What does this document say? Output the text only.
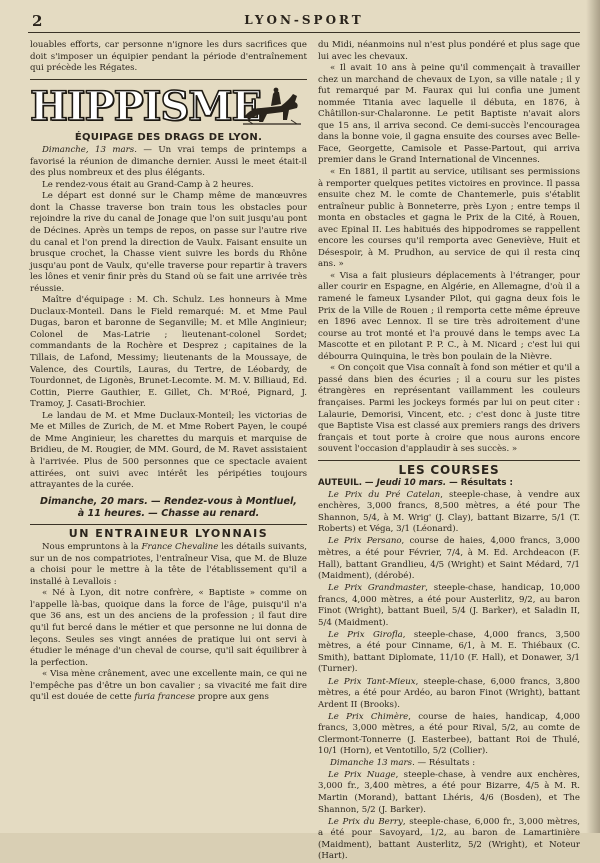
2	LYON-SPORT

louables efforts, car personne n'ignore les durs sacrifices que doit s'imposer un équipier pendant la période d'entraînement qui précède les Régates.

HIPPISME
ÉQUIPAGE DES DRAGS DE LYON.

Dimanche, 13 mars. — Un vrai temps de printemps a favorisé la réunion de dimanche dernier. Aussi le meet était-il des plus nombreux et des plus élégants.

Le rendez-vous était au Grand-Camp à 2 heures.

Le départ est donné sur le Champ même de manœuvres dont la Chasse traverse bon train tous les obstacles pour rejoindre la rive du canal de Jonage que l'on suit jusqu'au pont de Décines. Après un temps de repos, on passe sur l'autre rive du canal et l'on prend la direction de Vaulx. Faisant ensuite un brusque crochet, la Chasse vient suivre les bords du Rhône jusqu'au pont de Vaulx, qu'elle traverse pour repartir à travers les lônes et venir finir près du Stand où se fait une arrivée très réussie.

Maître d'équipage : M. Ch. Schulz. Les honneurs à Mme Duclaux-Monteil. Dans le Field remarqué: M. et Mme Paul Dugas, baron et baronne de Seganville; M. et Mlle Anginieur; Colonel de Mas-Latrie ; lieutenant-colonel Sordet; commandants de la Rochère et Desprez ; capitaines de la Tillais, de Lafond, Messimy; lieutenants de la Moussaye, de Valence, des Courtils, Lauras, du Tertre, de Léobardy, de Tourdonnet, de Ligonès, Brunet-Lecomte. M. M. V. Billiaud, Ed. Cottin, Pierre Gauthier, E. Gillet, Ch. M'Roé, Pignard, J. Tramoy, J. Casati-Brochier.

Le landau de M. et Mme Duclaux-Monteil; les victorias de Me et Milles de Zurich, de M. et Mme Robert Payen, le coupé de Mme Anginieur, les charettes du marquis et marquise de Bridieu, de M. Rougier, de MM. Gourd, de M. Ravet assistaient à l'arrivée. Plus de 500 personnes que ce spectacle avaient attirées, ont suivi avec intérêt les péripéties toujours attrayantes de la curée.

Dimanche, 20 mars. — Rendez-vous à Montluel,
à 11 heures. — Chasse au renard.
UN ENTRAINEUR LYONNAIS

Nous empruntons à la France Chevaline les détails suivants, sur un de nos compatriotes, l'entraîneur Visa, que M. de Bluze a choisi pour le mettre à la tête de l'établissement qu'il a installé à Levallois :

« Né à Lyon, dit notre confrère, « Baptiste » comme on l'appelle là-bas, quoique dans la force de l'âge, puisqu'il n'a que 36 ans, est un des anciens de la profession ; il faut dire qu'il fut bercé dans le métier et que personne ne lui donna de leçons. Seules ses vingt années de pratique lui ont servi à étudier le ménage d'un cheval de course, qu'il sait équilibrer à la perfection.

« Visa mène crânement, avec une excellente main, ce qui ne l'empêche pas d'être un bon cavalier ; sa vivacité me fait dire qu'il est douée de cette furia francese propre aux gens

du Midi, néanmoins nul n'est plus pondéré et plus sage que lui avec les chevaux.

« Il avait 10 ans à peine qu'il commençait à travailler chez un marchand de chevaux de Lyon, sa ville natale ; il y fut remarqué par M. Faurax qui lui confia une jument nommée Titania avec laquelle il débuta, en 1876, à Châtillon-sur-Chalaronne. Le petit Baptiste n'avait alors que 15 ans, il arriva second. Ce demi-succès l'encouragea dans la bonne voie, il gagna ensuite des courses avec Belle-Face, Georgette, Camisole et Passe-Partout, qui arriva premier dans le Grand International de Vincennes.

« En 1881, il partit au service, utilisant ses permissions à remporter quelques petites victoires en province. Il passa ensuite chez M. le comte de Chantemerle, puis s'établit entraîneur public à Bonneterre, près Lyon ; entre temps il monta en obstacles et gagna le Prix de la Cité, à Rouen, avec Epinal II. Les habitués des hippodromes se rappellent encore les courses qu'il remporta avec Geneviève, Huit et Désespoir, à M. Prudhon, au service de qui il resta cinq ans. »

« Visa a fait plusieurs déplacements à l'étranger, pour aller courir en Espagne, en Algérie, en Allemagne, d'où il a ramené le fameux Lysander Pilot, qui gagna deux fois le Prix de la Ville de Rouen ; il remporta cette même épreuve en 1896 avec Lennox. Il se tire très adroitement d'une course au trot monté et l'a prouvé dans le temps avec La Mascotte et en pilotant P. P. C., à M. Nicard ; c'est lui qui débourra Quinquina, le très bon poulain de la Nièvre.

« On conçoit que Visa connaît à fond son métier et qu'il a passé dans bien des écuries ; il a couru sur les pistes étrangères en représentant vaillamment les couleurs françaises. Parmi les jockeys formés par lui on peut citer : Lalaurie, Demorisi, Vincent, etc. ; c'est donc à juste titre que Baptiste Visa est classé aux premiers rangs des drivers français et tout porte à croire que nous aurons encore souvent l'occasion d'applaudir à ses succès. »

LES COURSES

AUTEUIL. — Jeudi 10 mars. — Résultats :

Le Prix du Pré Catelan, steeple-chase, à vendre aux enchères, 3,000 francs, 8,500 mètres, a été pour The Shannon, 5/4, à M. Wrig' (J. Clay), battant Bizarre, 5/1 (T. Roberts) et Véga, 3/1 (Léonard).

Le Prix Persano, course de haies, 4,000 francs, 3,000 mètres, a été pour Février, 7/4, à M. Ed. Archdeacon (F. Hall), battant Grandlieu, 4/5 (Wright) et Saint Médard, 7/1 (Maidment), (dérobé).

Le Prix Grandmaster, steeple-chase, handicap, 10,000 francs, 4,000 mètres, a été pour Austerlitz, 9/2, au baron Finot (Wright), battant Bueil, 5/4 (J. Barker), et Saladin II, 5/4 (Maidment).

Le Prix Girofla, steeple-chase, 4,000 francs, 3,500 mètres, a été pour Cinname, 6/1, à M. E. Thiébaux (C. Smith), battant Diplomate, 11/10 (F. Hall), et Donawer, 3/1 (Turner).

Le Prix Tant-Mieux, steeple-chase, 6,000 francs, 3,800 mètres, a été pour Ardéo, au baron Finot (Wright), battant Ardent II (Brooks).

Le Prix Chimère, course de haies, handicap, 4,000 francs, 3,000 mètres, a été pour Rival, 5/2, au comte de Clermont-Tonnerre (J. Easterbee), battant Roi de Thulé, 10/1 (Horn), et Ventotillo, 5/2 (Collier).

Dimanche 13 mars. — Résultats :

Le Prix Nuage, steeple-chase, à vendre aux enchères, 3,000 fr., 3,400 mètres, a été pour Bizarre, 4/5 à M. R. Martin (Morand), battant Lhéris, 4/6 (Bosden), et The Shannon, 5/2 (J. Barker).

Le Prix du Berry, steeple-chase, 6,000 fr., 3,000 mètres, a été pour Savoyard, 1/2, au baron de Lamartinière (Maidment), battant Austerlitz, 5/2 (Wright), et Noteur (Hart).
